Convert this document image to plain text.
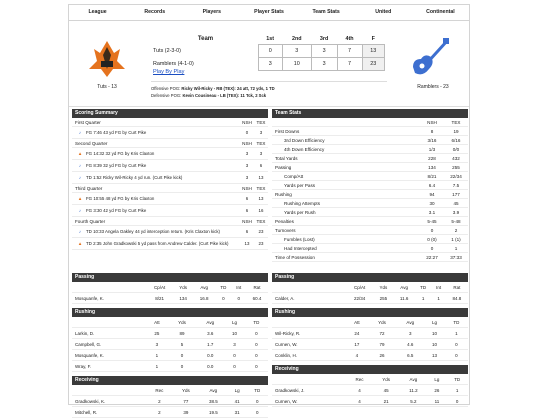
League	Records	Players	Player Stats	Team Stats	United	Continental
Tuts - 13
Team	1st	2nd	3rd	4th	F
Tuts (2-3-0)	0	3	3	7	13
Ramblers (4-1-0)	3	10	3	7	23
Play By Play
Offensive POG: Ricky Wil-Ricky - RB (TEX): 24 att, 72 yds, 1 TD
Defensive POG: Kevin Cousineau - LB (TEX): 11 Tck, 2 Sck
Ramblers - 23
Scoring Summary
First Quarter	NSH	TEX
♪	FG 7:46 43 yd FG by Curt Pike	0	3
Second Quarter	NSH	TEX
▲ FG 14:32 32 yd FG by Kris Claxton	3	3
♪	FG 8:39 32 yd FG by Curt Pike	3	6
♪	TD 1:52 Ricky Wil-Ricky 4 yd run. (Curt Pike kick)	3	13
Third Quarter	NSH	TEX
▲ FG 10:55 48 yd FG by Kris Claxton	6	13
♪	FG 3:30 42 yd FG by Curt Pike	6	16
Fourth Quarter	NSH	TEX
♪	TD 10:33 Angela Oakley 44 yd interception return. (Kris Claxton kick)	6	23
▲ TD 2:35 John Gradkowski 5 yd pass from Andrew Calder. (Curt Pike kick)	13	23
Team Stats
NSH	TEX
First Downs	8	19
3rd Down Efficiency	3/16	6/16
4th Down Efficiency	1/3	0/0
Total Yards	228	432
Passing	134	255
Comp/Att	8/21	22/34
Yards per Pass	6.4	7.5
Rushing	94	177
Rushing Attempts	30	45
Yards per Rush	3.1	3.9
Penalties	5-45	5-48
Turnovers	0	2
Fumbles (Lost)	0 (0)	1 (1)
Had Intercepted	0	1
Time of Possession	22:27	37:33
Passing
	Cp/At	Yds	Avg	TD	Int	Rat
Mosquanfe, K.	8/21	134	16.8	0	0	60.4
Rushing
	Att	Yds	Avg	Lg	TD
Larkin, D.	25	89	3.6	10	0
Campbell, G.	3	5	1.7	3	0
Mosquanfe, K.	1	0	0.0	0	0
Wray, F.	1	0	0.0	0	0
Receiving
	Rec	Yds	Avg	Lg	TD
Gradkowski, K.	2	77	38.5	41	0
Mitchell, R.	2	39	19.5	31	0
Passing
	Cp/At	Yds	Avg	TD	Int	Rat
Calder, A.	22/34	255	11.6	1	1	84.8
Rushing
	Att	Yds	Avg	Lg	TD
Wil-Ricky, R.	24	72	3	10	1
Curnen, W.	17	79	4.6	10	0
Conklin, H.	4	26	6.5	13	0
Receiving
	Rec	Yds	Avg	Lg	TD
Gradkowski, J.	4	45	11.2	26	1
Curnen, W.	4	21	5.2	11	0
